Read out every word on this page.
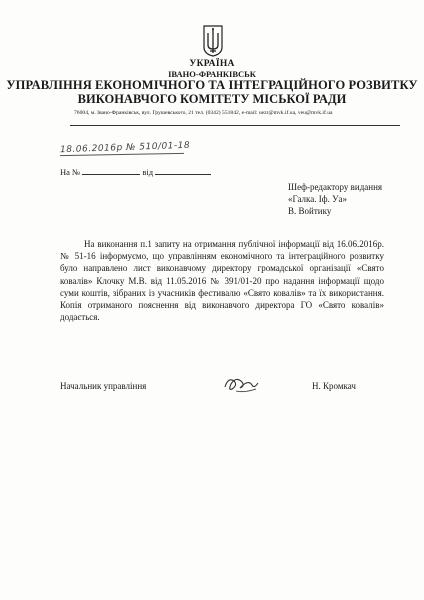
УКРАЇНА
ІВАНО-ФРАНКІВСЬК
УПРАВЛІННЯ ЕКОНОМІЧНОГО ТА ІНТЕГРАЦІЙНОГО РОЗВИТКУ
ВИКОНАВЧОГО КОМІТЕТУ МІСЬКОЇ РАДИ
76004, м. Івано-Франківськ, вул. Грушевського, 21 тел. (0342) 551842, e-mail: uezr@mvk.if.ua, veu@mvk.if.ua
18.06.2016р № 510/01-18
На №	від
Шеф-редактору видання
«Галка. Іф. Уа»
В. Войтику

На виконання п.1 запиту на отримання публічної інформації від 16.06.2016р. № 51-16 інформуємо, що управлінням економічного та інтеграційного розвитку було направлено лист виконавчому директору громадської організації «Свято ковалів» Клочку М.В. від 11.05.2016 № 391/01-20 про надання інформації щодо суми коштів, зібраних із учасників фестивалю «Свято ковалів» та їх використання. Копія отриманого пояснення від виконавчого директора ГО «Свято ковалів» додається.

Начальник управління	Н. Кромкач
